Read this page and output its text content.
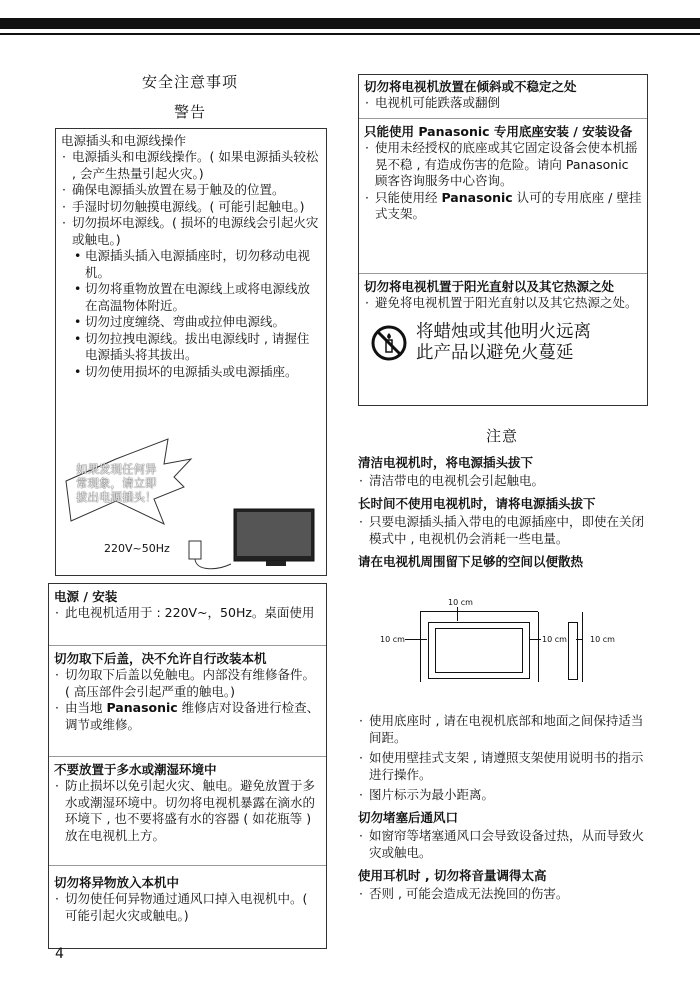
安全注意事项
警告
电源插头和电源线操作
· 电源插头和电源线操作。( 如果电源插头较松 , 会产生热量引起火灾。)
· 确保电源插头放置在易于触及的位置。
· 手湿时切勿触摸电源线。( 可能引起触电。)
· 切勿损坏电源线。( 损坏的电源线会引起火灾或触电。)
• 电源插头插入电源插座时，切勿移动电视机。
• 切勿将重物放置在电源线上或将电源线放在高温物体附近。
• 切勿过度缠绕、弯曲或拉伸电源线。
• 切勿拉拽电源线。拔出电源线时 , 请握住电源插头将其拔出。
• 切勿使用损坏的电源插头或电源插座。
如果发现任何异常现象，请立即拔出电源插头！
220V~50Hz
电源 / 安装
· 此电视机适用于 : 220V~，50Hz。桌面使用
切勿取下后盖，决不允许自行改装本机
· 切勿取下后盖以免触电。内部没有维修备件。
( 高压部件会引起严重的触电。)
· 由当地 Panasonic 维修店对设备进行检查、调节或维修。
不要放置于多水或潮湿环境中
· 防止损坏以免引起火灾、触电。避免放置于多水或潮湿环境中。切勿将电视机暴露在滴水的环境下 , 也不要将盛有水的容器 ( 如花瓶等 ) 放在电视机上方。
切勿将异物放入本机中
· 切勿使任何异物通过通风口掉入电视机中。( 可能引起火灾或触电。)
4
切勿将电视机放置在倾斜或不稳定之处
· 电视机可能跌落或翻倒
只能使用 Panasonic 专用底座安装 / 安装设备
· 使用未经授权的底座或其它固定设备会使本机摇晃不稳 , 有造成伤害的危险。请向 Panasonic 顾客咨询服务中心咨询。
· 只能使用经 Panasonic 认可的专用底座 / 壁挂式支架。
切勿将电视机置于阳光直射以及其它热源之处
· 避免将电视机置于阳光直射以及其它热源之处。
将蜡烛或其他明火远离
此产品以避免火蔓延
注意
清洁电视机时，将电源插头拔下
· 清洁带电的电视机会引起触电。
长时间不使用电视机时，请将电源插头拔下
· 只要电源插头插入带电的电源插座中，即使在关闭模式中 , 电视机仍会消耗一些电量。
请在电视机周围留下足够的空间以便散热
10 cm
10 cm	10 cm	10 cm
· 使用底座时 , 请在电视机底部和地面之间保持适当间距。
· 如使用壁挂式支架 , 请遵照支架使用说明书的指示进行操作。
· 图片标示为最小距离。
切勿堵塞后通风口
· 如窗帘等堵塞通风口会导致设备过热，从而导致火灾或触电。
使用耳机时 , 切勿将音量调得太高
· 否则 , 可能会造成无法挽回的伤害。
